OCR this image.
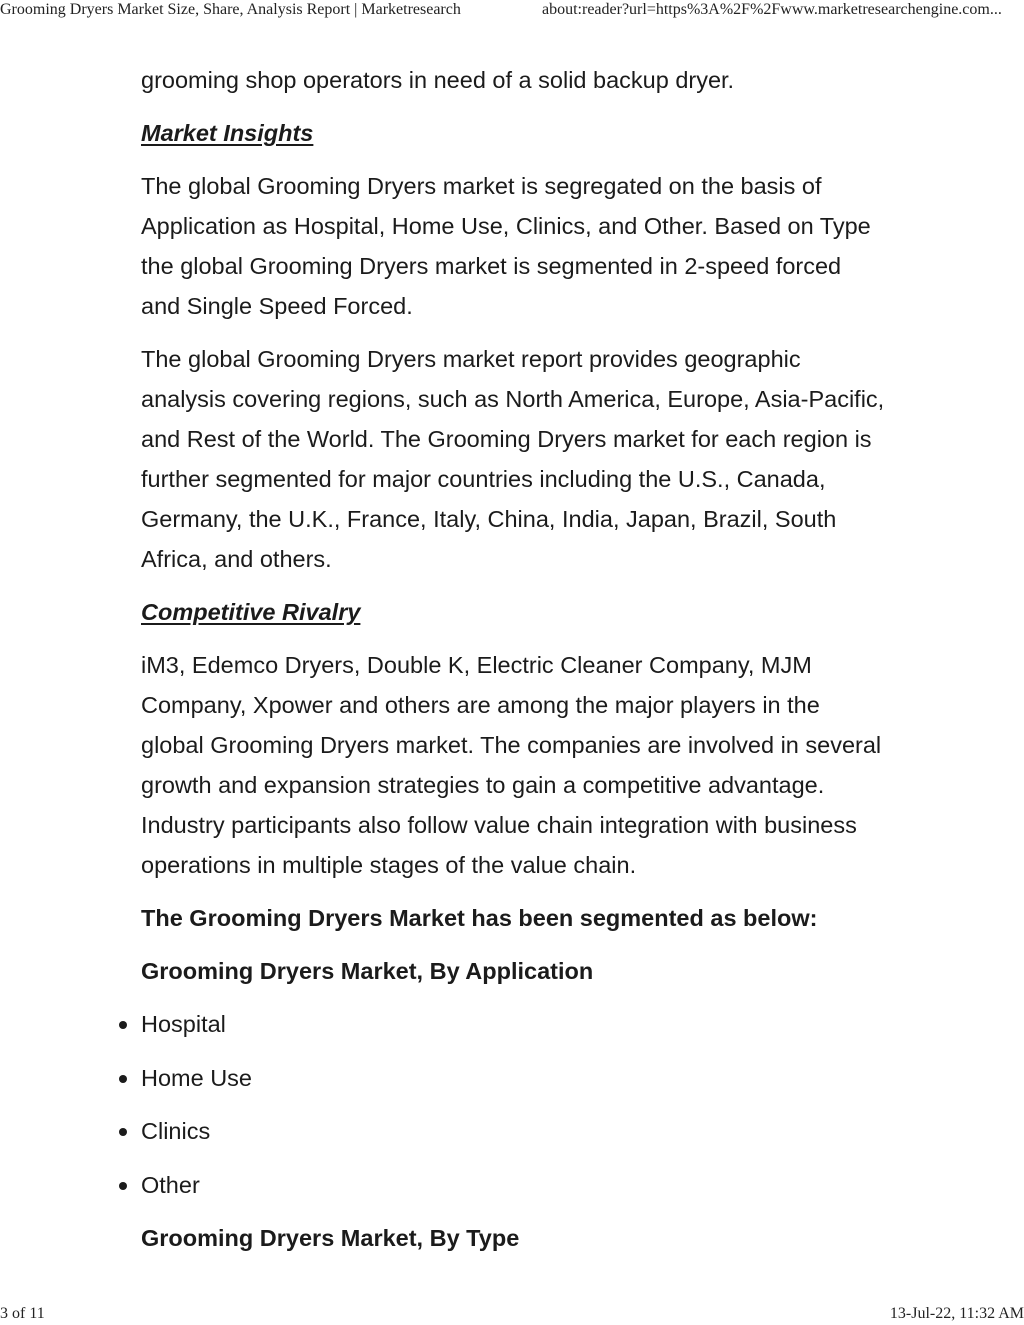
Grooming Dryers Market Size, Share, Analysis Report | Marketresearch	about:reader?url=https%3A%2F%2Fwww.marketresearchengine.com...

grooming shop operators in need of a solid backup dryer.

Market Insights

The global Grooming Dryers market is segregated on the basis of Application as Hospital, Home Use, Clinics, and Other. Based on Type the global Grooming Dryers market is segmented in 2-speed forced and Single Speed Forced.

The global Grooming Dryers market report provides geographic analysis covering regions, such as North America, Europe, Asia-Pacific, and Rest of the World. The Grooming Dryers market for each region is further segmented for major countries including the U.S., Canada, Germany, the U.K., France, Italy, China, India, Japan, Brazil, South Africa, and others.

Competitive Rivalry

iM3, Edemco Dryers, Double K, Electric Cleaner Company, MJM Company, Xpower and others are among the major players in the global Grooming Dryers market. The companies are involved in several growth and expansion strategies to gain a competitive advantage. Industry participants also follow value chain integration with business operations in multiple stages of the value chain.

The Grooming Dryers Market has been segmented as below:
Grooming Dryers Market, By Application
Hospital
Home Use
Clinics
Other
Grooming Dryers Market, By Type
3 of 11	13-Jul-22, 11:32 AM
